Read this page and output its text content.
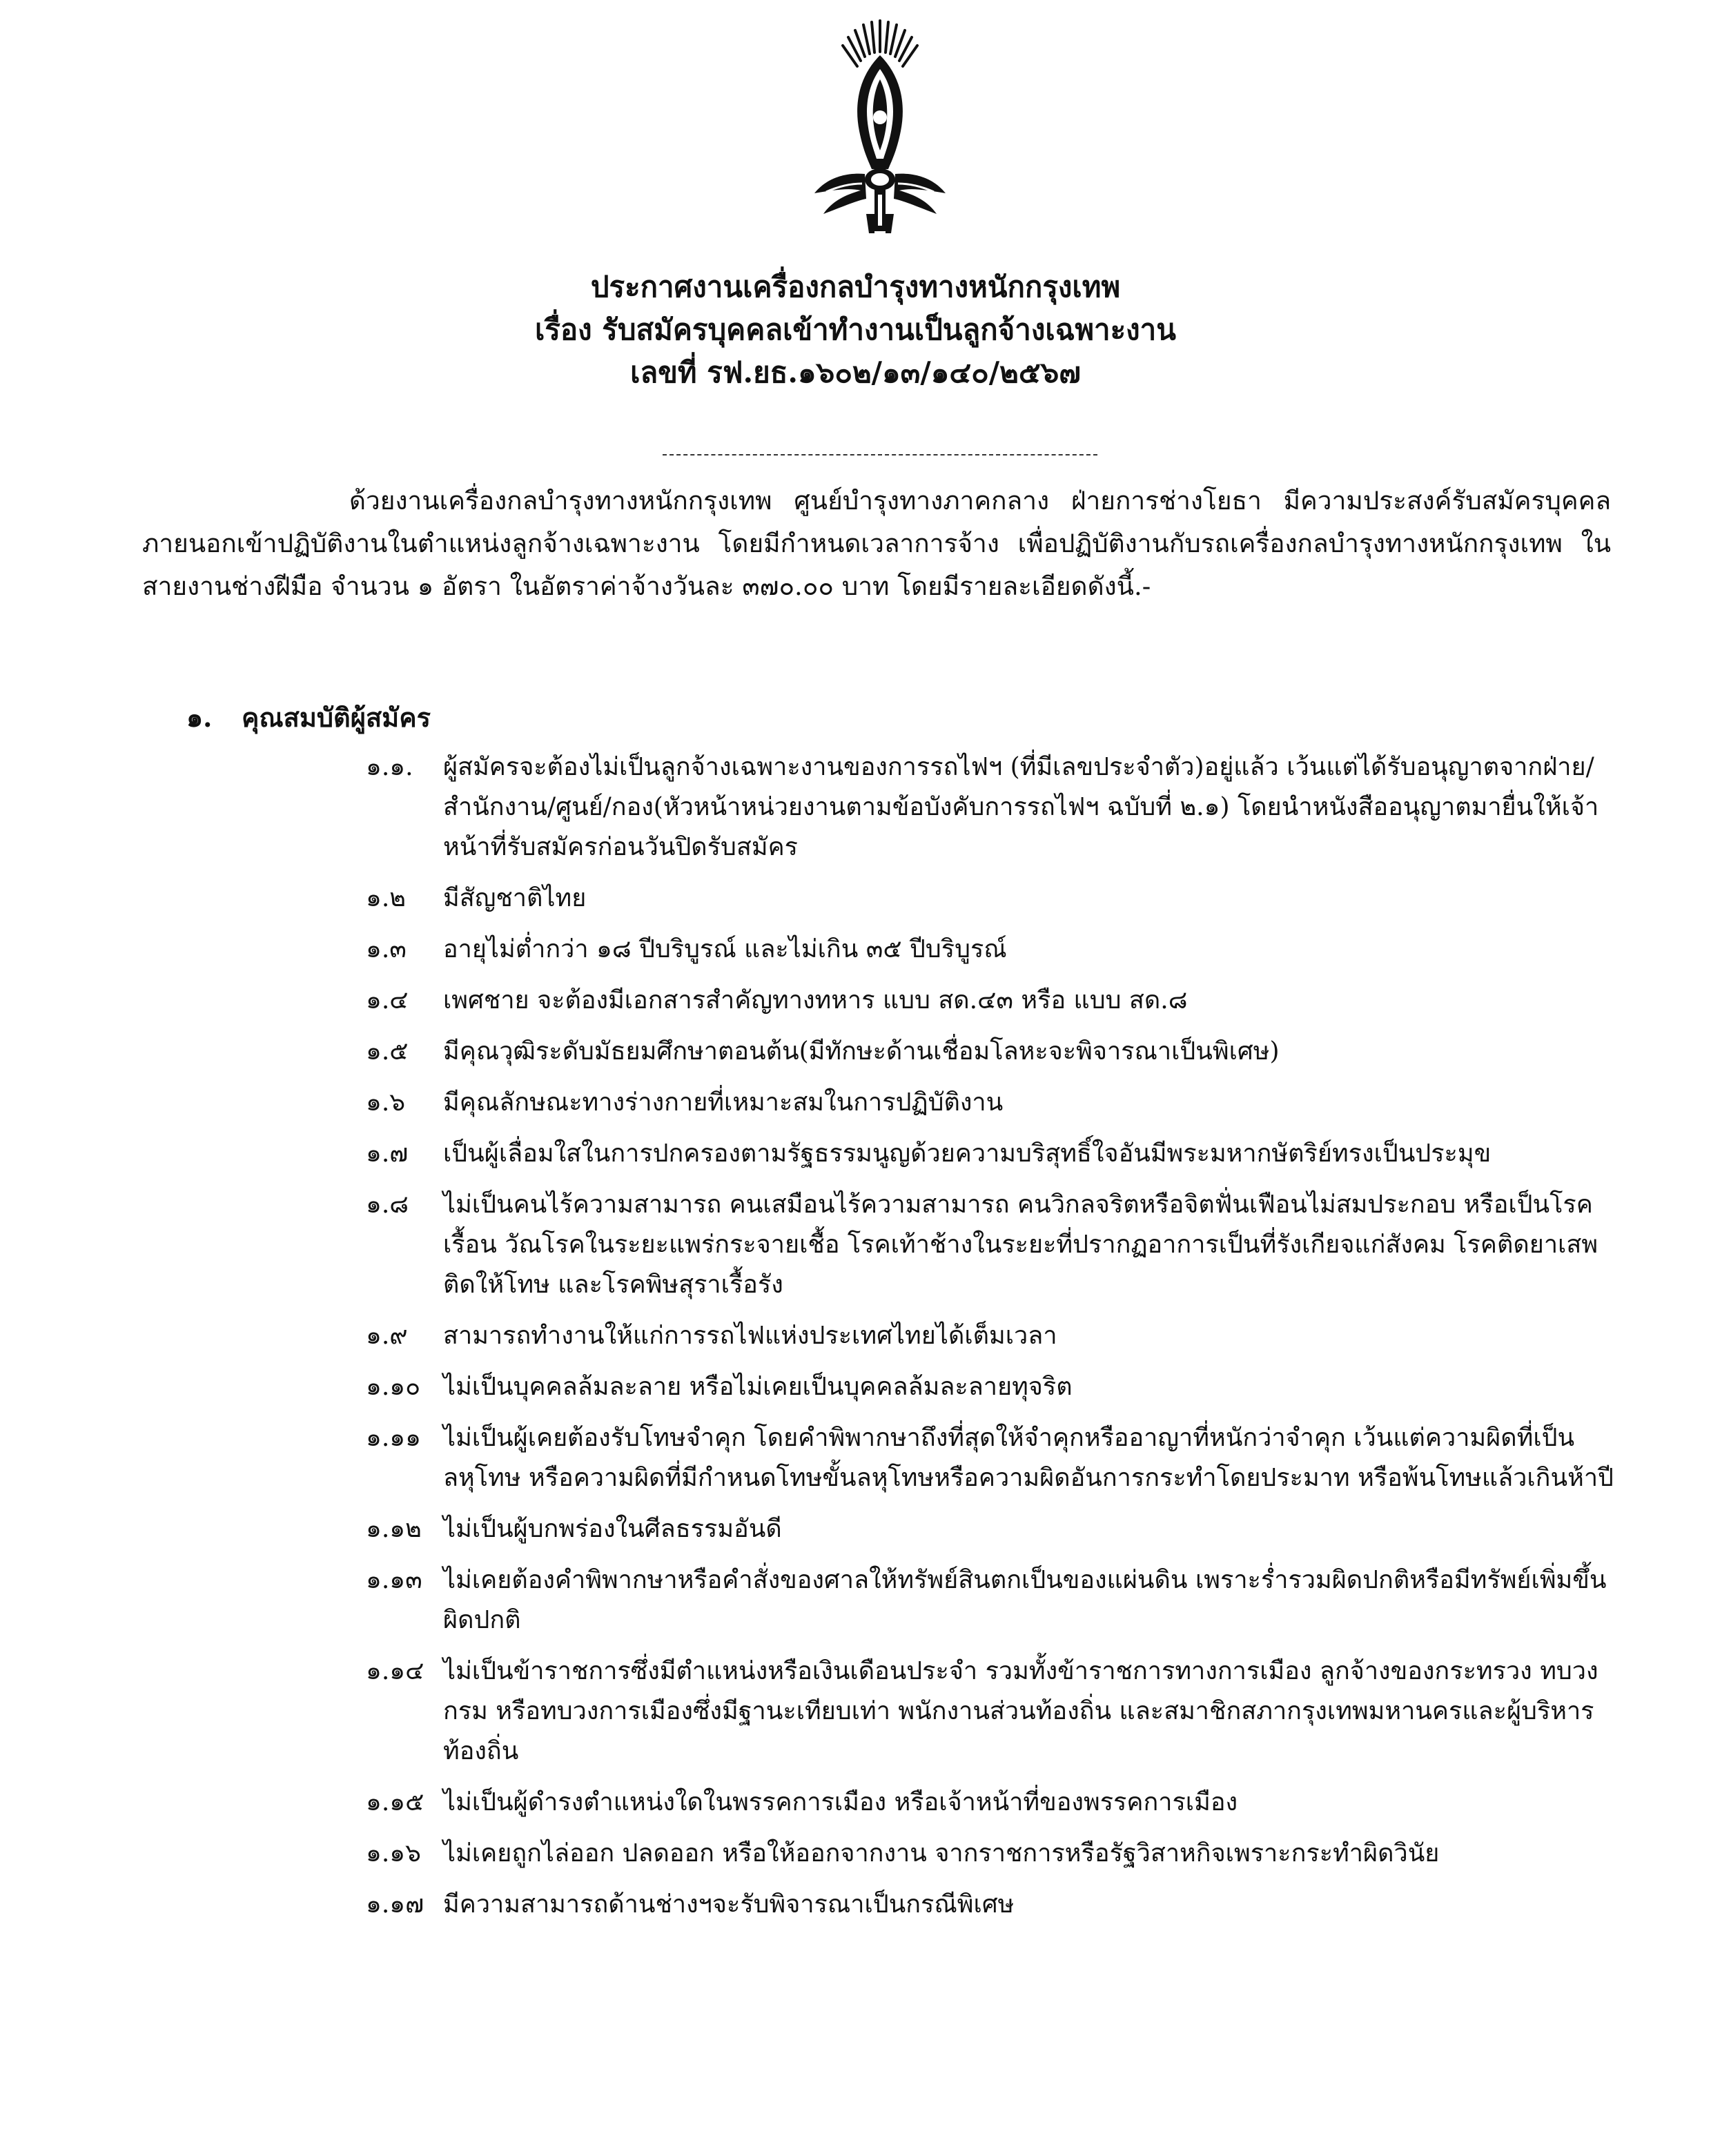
ประกาศงานเครื่องกลบำรุงทางหนักกรุงเทพ
เรื่อง รับสมัครบุคคลเข้าทำงานเป็นลูกจ้างเฉพาะงาน
เลขที่ รฟ.ยธ.๑๖๐๒/๑๓/๑๔๐/๒๕๖๗
ด้วยงานเครื่องกลบำรุงทางหนักกรุงเทพ ศูนย์บำรุงทางภาคกลาง ฝ่ายการช่างโยธา มีความประสงค์รับสมัครบุคคลภายนอกเข้าปฏิบัติงานในตำแหน่งลูกจ้างเฉพาะงาน โดยมีกำหนดเวลาการจ้าง เพื่อปฏิบัติงานกับรถเครื่องกลบำรุงทางหนักกรุงเทพ ในสายงานช่างฝีมือ จำนวน ๑ อัตรา ในอัตราค่าจ้างวันละ ๓๗๐.๐๐ บาท โดยมีรายละเอียดดังนี้.-
๑. คุณสมบัติผู้สมัคร
๑.๑.	ผู้สมัครจะต้องไม่เป็นลูกจ้างเฉพาะงานของการรถไฟฯ (ที่มีเลขประจำตัว)อยู่แล้ว เว้นแต่ได้รับอนุญาตจากฝ่าย/สำนักงาน/ศูนย์/กอง(หัวหน้าหน่วยงานตามข้อบังคับการรถไฟฯ ฉบับที่ ๒.๑) โดยนำหนังสืออนุญาตมายื่นให้เจ้าหน้าที่รับสมัครก่อนวันปิดรับสมัคร
๑.๒	มีสัญชาติไทย
๑.๓	อายุไม่ต่ำกว่า ๑๘ ปีบริบูรณ์ และไม่เกิน ๓๕ ปีบริบูรณ์
๑.๔	เพศชาย จะต้องมีเอกสารสำคัญทางทหาร แบบ สด.๔๓ หรือ แบบ สด.๘
๑.๕	มีคุณวุฒิระดับมัธยมศึกษาตอนต้น(มีทักษะด้านเชื่อมโลหะจะพิจารณาเป็นพิเศษ)
๑.๖	มีคุณลักษณะทางร่างกายที่เหมาะสมในการปฏิบัติงาน
๑.๗	เป็นผู้เลื่อมใสในการปกครองตามรัฐธรรมนูญด้วยความบริสุทธิ์ใจอันมีพระมหากษัตริย์ทรงเป็นประมุข
๑.๘	ไม่เป็นคนไร้ความสามารถ คนเสมือนไร้ความสามารถ คนวิกลจริตหรือจิตฟั่นเฟือนไม่สมประกอบ หรือเป็นโรคเรื้อน วัณโรคในระยะแพร่กระจายเชื้อ โรคเท้าช้างในระยะที่ปรากฏอาการเป็นที่รังเกียจแก่สังคม โรคติดยาเสพติดให้โทษ และโรคพิษสุราเรื้อรัง
๑.๙	สามารถทำงานให้แก่การรถไฟแห่งประเทศไทยได้เต็มเวลา
๑.๑๐ ไม่เป็นบุคคลล้มละลาย หรือไม่เคยเป็นบุคคลล้มละลายทุจริต
๑.๑๑ ไม่เป็นผู้เคยต้องรับโทษจำคุก โดยคำพิพากษาถึงที่สุดให้จำคุกหรืออาญาที่หนักว่าจำคุก เว้นแต่ความผิดที่เป็นลหุโทษ หรือความผิดที่มีกำหนดโทษขั้นลหุโทษหรือความผิดอันการกระทำโดยประมาท หรือพ้นโทษแล้วเกินห้าปี
๑.๑๒ ไม่เป็นผู้บกพร่องในศีลธรรมอันดี
๑.๑๓ ไม่เคยต้องคำพิพากษาหรือคำสั่งของศาลให้ทรัพย์สินตกเป็นของแผ่นดิน เพราะร่ำรวมผิดปกติหรือมีทรัพย์เพิ่มขึ้นผิดปกติ
๑.๑๔ ไม่เป็นข้าราชการซึ่งมีตำแหน่งหรือเงินเดือนประจำ รวมทั้งข้าราชการทางการเมือง ลูกจ้างของกระทรวง ทบวง กรม หรือทบวงการเมืองซึ่งมีฐานะเทียบเท่า พนักงานส่วนท้องถิ่น และสมาชิกสภากรุงเทพมหานครและผู้บริหารท้องถิ่น
๑.๑๕ ไม่เป็นผู้ดำรงตำแหน่งใดในพรรคการเมือง หรือเจ้าหน้าที่ของพรรคการเมือง
๑.๑๖ ไม่เคยถูกไล่ออก ปลดออก หรือให้ออกจากงาน จากราชการหรือรัฐวิสาหกิจเพราะกระทำผิดวินัย
๑.๑๗ มีความสามารถด้านช่างฯจะรับพิจารณาเป็นกรณีพิเศษ
